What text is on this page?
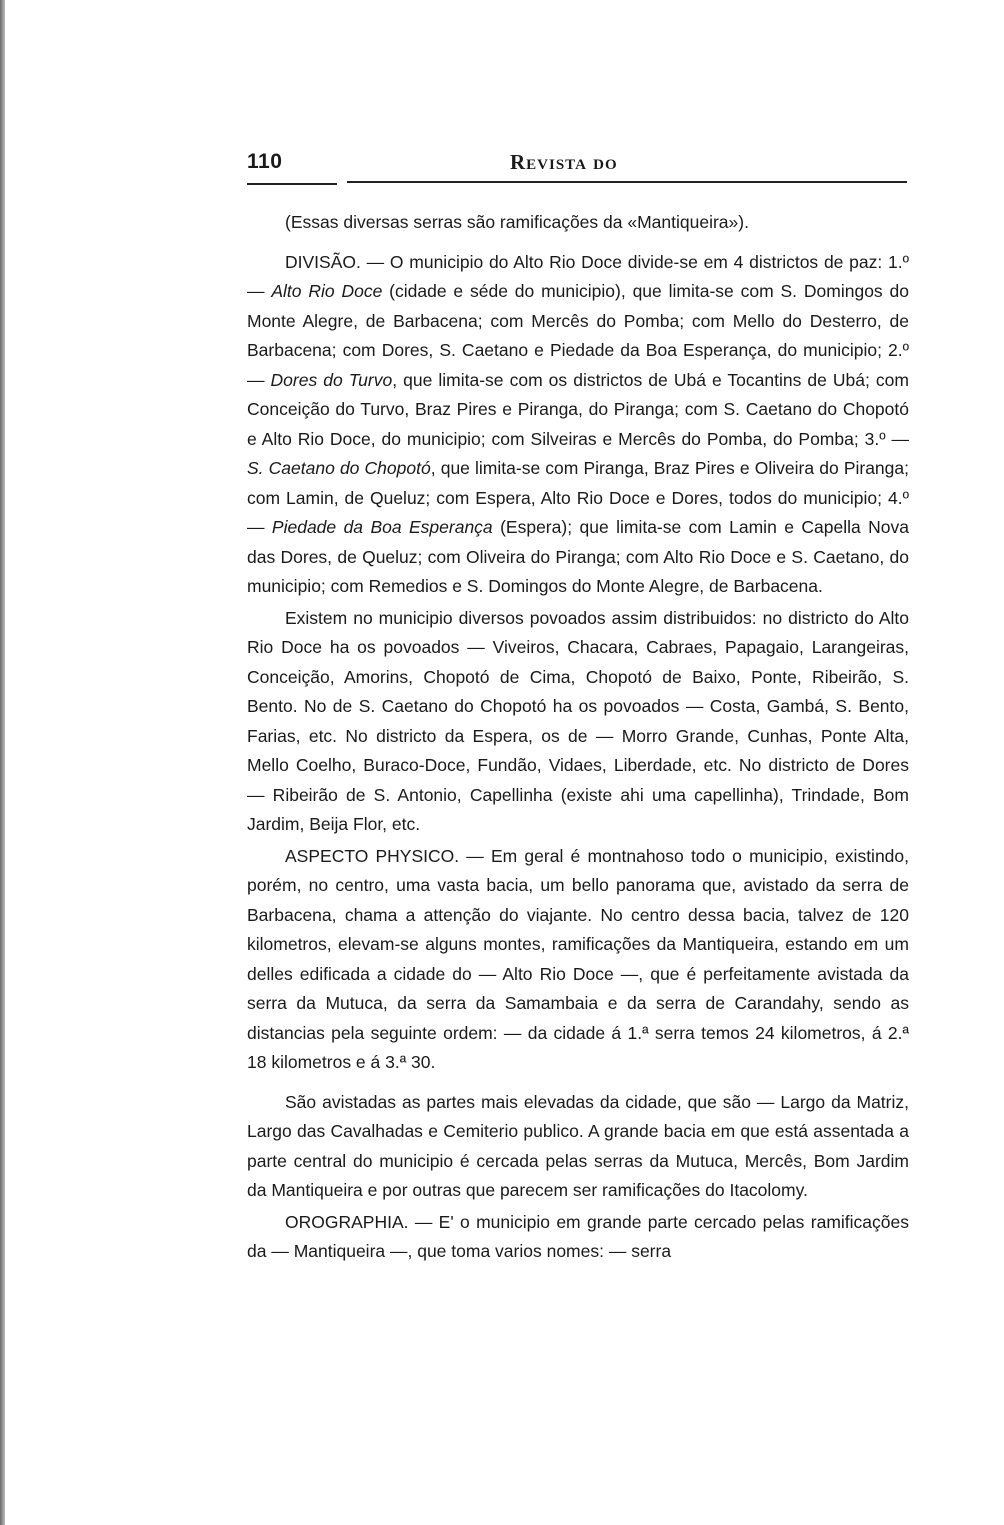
110	Revista do

(Essas diversas serras são ramificações da «Mantiqueira»).

DIVISÃO. — O municipio do Alto Rio Doce divide-se em 4 districtos de paz: 1.º — Alto Rio Doce (cidade e séde do municipio), que limita-se com S. Domingos do Monte Alegre, de Barbacena; com Mercês do Pomba; com Mello do Desterro, de Barbacena; com Dores, S. Caetano e Piedade da Boa Esperança, do municipio; 2.º — Dores do Turvo, que limita-se com os districtos de Ubá e Tocantins de Ubá; com Conceição do Turvo, Braz Pires e Piranga, do Piranga; com S. Caetano do Chopotó e Alto Rio Doce, do municipio; com Silveiras e Mercês do Pomba, do Pomba; 3.º — S. Caetano do Chopotó, que limita-se com Piranga, Braz Pires e Oliveira do Piranga; com Lamin, de Queluz; com Espera, Alto Rio Doce e Dores, todos do municipio; 4.º — Piedade da Boa Esperança (Espera); que limita-se com Lamin e Capella Nova das Dores, de Queluz; com Oliveira do Piranga; com Alto Rio Doce e S. Caetano, do municipio; com Remedios e S. Domingos do Monte Alegre, de Barbacena.

Existem no municipio diversos povoados assim distribuidos: no districto do Alto Rio Doce ha os povoados — Viveiros, Chacara, Cabraes, Papagaio, Larangeiras, Conceição, Amorins, Chopotó de Cima, Chopotó de Baixo, Ponte, Ribeirão, S. Bento. No de S. Caetano do Chopotó ha os povoados — Costa, Gambá, S. Bento, Farias, etc. No districto da Espera, os de — Morro Grande, Cunhas, Ponte Alta, Mello Coelho, Buraco-Doce, Fundão, Vidaes, Liberdade, etc. No districto de Dores — Ribeirão de S. Antonio, Capellinha (existe ahi uma capellinha), Trindade, Bom Jardim, Beija Flor, etc.

ASPECTO PHYSICO. — Em geral é montnahoso todo o municipio, existindo, porém, no centro, uma vasta bacia, um bello panorama que, avistado da serra de Barbacena, chama a attenção do viajante. No centro dessa bacia, talvez de 120 kilometros, elevam-se alguns montes, ramificações da Mantiqueira, estando em um delles edificada a cidade do — Alto Rio Doce —, que é perfeitamente avistada da serra da Mutuca, da serra da Samambaia e da serra de Carandahy, sendo as distancias pela seguinte ordem: — da cidade á 1.ª serra temos 24 kilometros, á 2.ª 18 kilometros e á 3.ª 30.

São avistadas as partes mais elevadas da cidade, que são — Largo da Matriz, Largo das Cavalhadas e Cemiterio publico. A grande bacia em que está assentada a parte central do municipio é cercada pelas serras da Mutuca, Mercês, Bom Jardim da Mantiqueira e por outras que parecem ser ramificações do Itacolomy.

OROGRAPHIA. — E' o municipio em grande parte cercado pelas ramificações da — Mantiqueira —, que toma varios nomes: — serra
